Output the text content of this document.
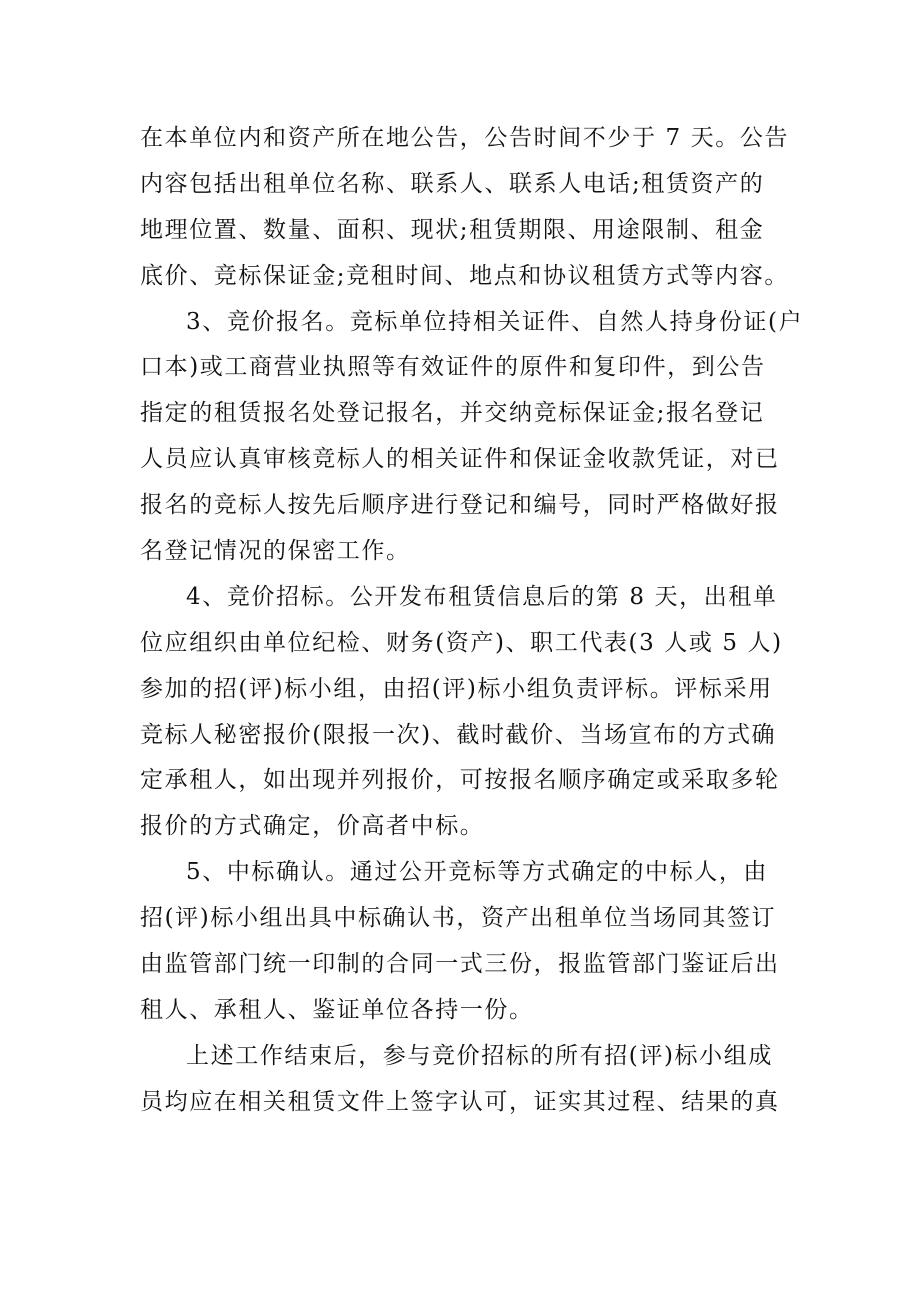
在本单位内和资产所在地公告，公告时间不少于 7 天。公告
内容包括出租单位名称、联系人、联系人电话;租赁资产的
地理位置、数量、面积、现状;租赁期限、用途限制、租金
底价、竞标保证金;竞租时间、地点和协议租赁方式等内容。
3、竞价报名。竞标单位持相关证件、自然人持身份证(户
口本)或工商营业执照等有效证件的原件和复印件，到公告
指定的租赁报名处登记报名，并交纳竞标保证金;报名登记
人员应认真审核竞标人的相关证件和保证金收款凭证，对已
报名的竞标人按先后顺序进行登记和编号，同时严格做好报
名登记情况的保密工作。
4、竞价招标。公开发布租赁信息后的第 8 天，出租单
位应组织由单位纪检、财务(资产)、职工代表(3 人或 5 人)
参加的招(评)标小组，由招(评)标小组负责评标。评标采用
竞标人秘密报价(限报一次)、截时截价、当场宣布的方式确
定承租人，如出现并列报价，可按报名顺序确定或采取多轮
报价的方式确定，价高者中标。
5、中标确认。通过公开竞标等方式确定的中标人，由
招(评)标小组出具中标确认书，资产出租单位当场同其签订
由监管部门统一印制的合同一式三份，报监管部门鉴证后出
租人、承租人、鉴证单位各持一份。
上述工作结束后，参与竞价招标的所有招(评)标小组成
员均应在相关租赁文件上签字认可，证实其过程、结果的真
